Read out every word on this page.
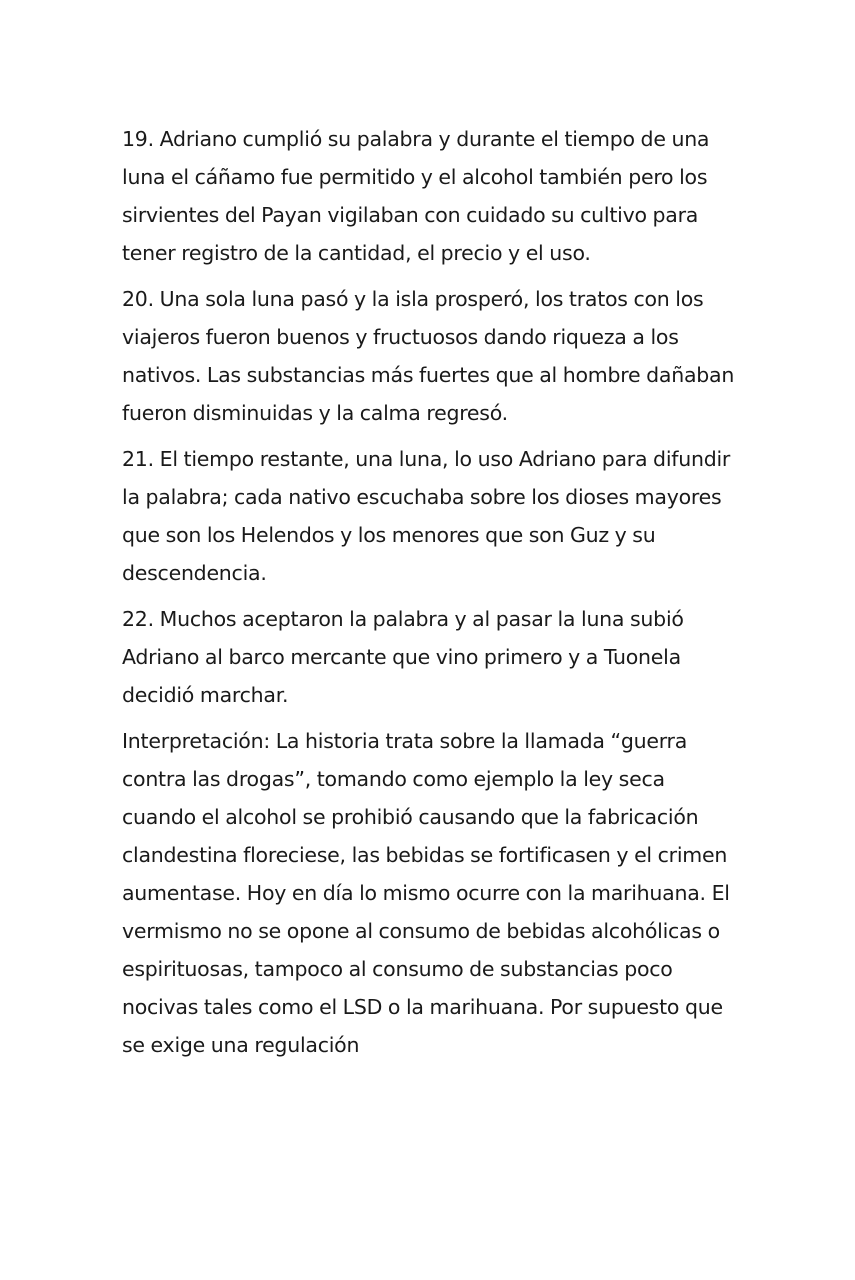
19. Adriano cumplió su palabra y durante el tiempo de una luna el cáñamo fue permitido y el alcohol también pero los sirvientes del Payan vigilaban con cuidado su cultivo para tener registro de la cantidad, el precio y el uso.

20. Una sola luna pasó y la isla prosperó, los tratos con los viajeros fueron buenos y fructuosos dando riqueza a los nativos. Las substancias más fuertes que al hombre dañaban fueron disminuidas y la calma regresó.

21. El tiempo restante, una luna, lo uso Adriano para difundir la palabra; cada nativo escuchaba sobre los dioses mayores que son los Helendos y los menores que son Guz y su descendencia.

22. Muchos aceptaron la palabra y al pasar la luna subió Adriano al barco mercante que vino primero y a Tuonela decidió marchar.

Interpretación: La historia trata sobre la llamada “guerra contra las drogas”, tomando como ejemplo la ley seca cuando el alcohol se prohibió causando que la fabricación clandestina floreciese, las bebidas se fortificasen y el crimen aumentase. Hoy en día lo mismo ocurre con la marihuana. El vermismo no se opone al consumo de bebidas alcohólicas o espirituosas, tampoco al consumo de substancias poco nocivas tales como el LSD o la marihuana. Por supuesto que se exige una regulación
